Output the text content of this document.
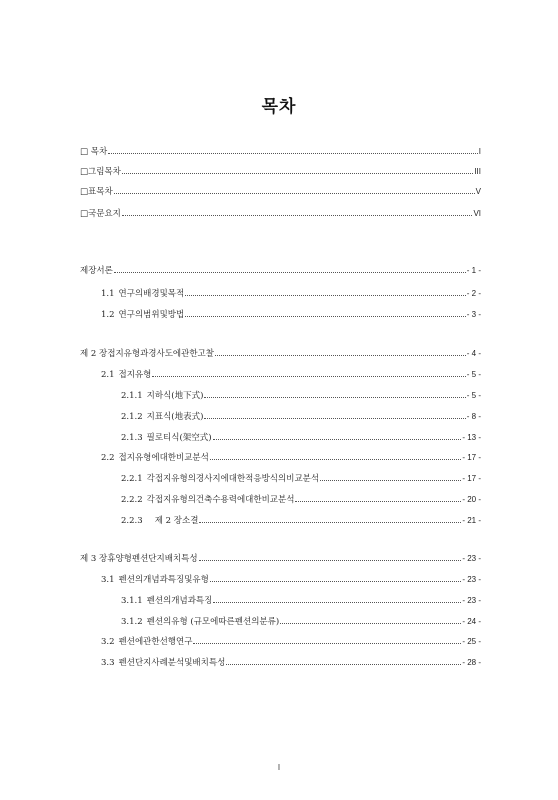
목차
□ 목차	I
□그림목차	III
□표목차	V
□국문요지	VI
제장서론	- 1 -
1.1 연구의배경및목적	- 2 -
1.2 연구의범위및방법	- 3 -
제 2 장접지유형과경사도에관한고찰	- 4 -
2.1 접지유형	- 5 -
2.1.1 지하식(地下式)	- 5 -
2.1.2 지표식(地表式)	- 8 -
2.1.3 필로티식(架空式)	- 13 -
2.2 접지유형에대한비교분석	- 17 -
2.2.1 각접지유형의경사지에대한적응방식의비교분석	- 17 -
2.2.2 각접지유형의건축수용력에대한비교분석	- 20 -
2.2.3   제 2 장소결	- 21 -
제 3 장휴양형펜션단지배치특성	- 23 -
3.1 펜션의개념과특징및유형	- 23 -
3.1.1 펜션의개념과특징	- 23 -
3.1.2 펜션의유형 (규모에따른펜션의분류)	- 24 -
3.2 펜션에관한선행연구	- 25 -
3.3 펜션단지사례분석및배치특성	- 28 -
I
